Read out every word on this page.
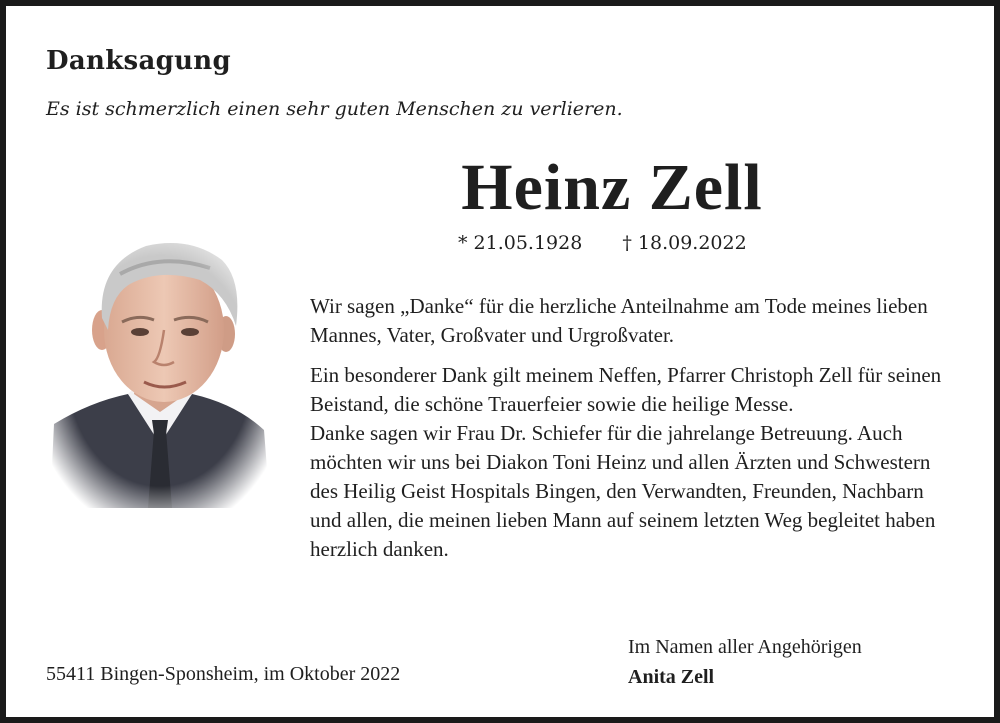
Danksagung
Es ist schmerzlich einen sehr guten Menschen zu verlieren.
Heinz Zell
* 21.05.1928 † 18.09.2022

Wir sagen „Danke“ für die herzliche Anteilnahme am Tode meines lieben Mannes, Vater, Großvater und Urgroßvater.

Ein besonderer Dank gilt meinem Neffen, Pfarrer Christoph Zell für seinen Beistand, die schöne Trauerfeier sowie die heilige Messe.

Danke sagen wir Frau Dr. Schiefer für die jahrelange Betreuung. Auch möchten wir uns bei Diakon Toni Heinz und allen Ärzten und Schwestern des Heilig Geist Hospitals Bingen, den Verwandten, Freunden, Nachbarn und allen, die meinen lieben Mann auf seinem letzten Weg begleitet haben herzlich danken.

55411 Bingen-Sponsheim, im Oktober 2022
Im Namen aller Angehörigen
Anita Zell
